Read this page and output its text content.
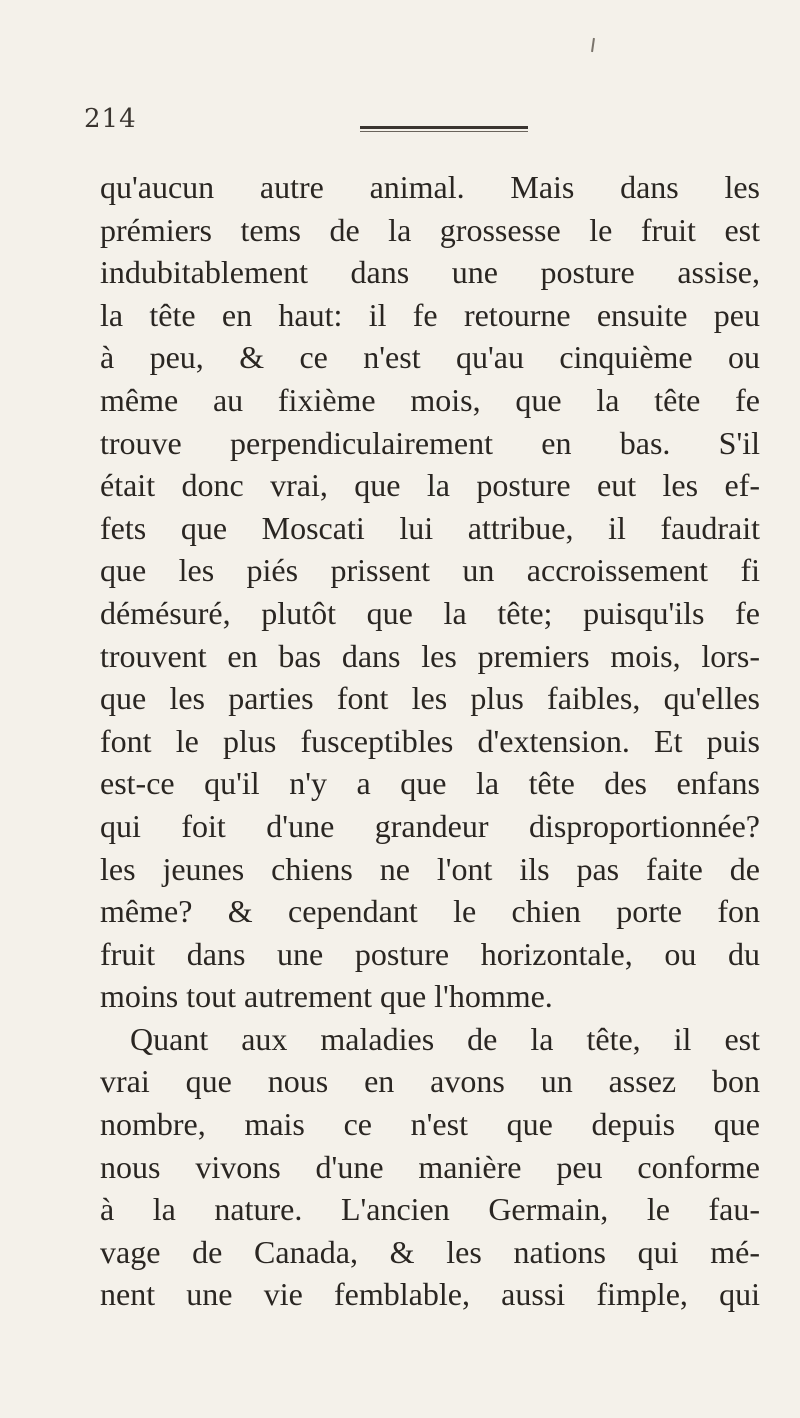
214
qu'aucun autre animal. Mais dans les
prémiers tems de la grossesse le fruit est
indubitablement dans une posture assise,
la tête en haut: il fe retourne ensuite peu
à peu, & ce n'est qu'au cinquième ou
même au fixième mois, que la tête fe
trouve perpendiculairement en bas. S'il
était donc vrai, que la posture eut les ef-
fets que Moscati lui attribue, il faudrait
que les piés prissent un accroissement fi
démésuré, plutôt que la tête; puisqu'ils fe
trouvent en bas dans les premiers mois, lors-
que les parties font les plus faibles, qu'elles
font le plus fusceptibles d'extension. Et puis
est-ce qu'il n'y a que la tête des enfans
qui foit d'une grandeur disproportionnée?
les jeunes chiens ne l'ont ils pas faite de
même? & cependant le chien porte fon
fruit dans une posture horizontale, ou du
moins tout autrement que l'homme.
Quant aux maladies de la tête, il est
vrai que nous en avons un assez bon
nombre, mais ce n'est que depuis que
nous vivons d'une manière peu conforme
à la nature. L'ancien Germain, le fau-
vage de Canada, & les nations qui mé-
nent une vie femblable, aussi fimple, qui
